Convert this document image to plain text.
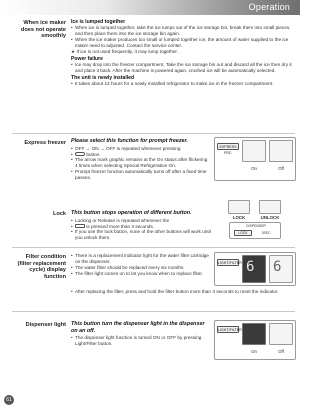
Operation
When ice maker does not operate smoothly
Ice is lumped together
• When ice is lumped together, take the ice lumps out of the ice storage bin, break them into small pieces, and then place them into the ice storage bin again.
• When the ice maker produces too small or lumped together ice, the amount of water supplied to the ice maker need to adjusted. Contact the service center.
★ If ice is not used frequently, it may lump together.
Power failure
• Ice may drop into the freezer compartment. Take the ice storage bin out and discard all the ice then dry it and place it back. After the machine is powered again, crushed ice will be automatically selected.
The unit is newly installed
• It takes about 12 hours for a newly installed refrigerator to make ice in the freezer compartment.
Express freezer Please select this function for prompt freezer.
• OFF → ON → OFF is repeated whenever pressing
• button.
• The arrow mark graphic remains at the On status after flickering 4 times when selecting Special Refrigeration On.
• Prompt freezer function automatically turns off after a fixed time passes.
EXPRESS FRZ.
On	Off
Lock This button stops operation of different button.
• Locking or Release is repeated whenever the
• is pressed more than 3 seconds.
• If you use the lock button, none of the other buttons will work until you unlock them.
LOCK	UNLOCK
DISPENSER
LOCK	3SEC
Filter condition (filter replacement cycle) display function
• There is a replacement indicator light for the water filter cartridge on the dispenser.
• The water filter should be replaced every six months.
• The filter light comes on to let you know when to replace filter.
• After replacing the filter, press and hold the filter button more than 3 seconds to reset the indicator.
LIGHT/FILTER 6 6
Dispenser light This button turn the dispenser light in the dispenser on an off.
• The dispenser light function is turned ON or OFF by pressing Light/Filter button.
LIGHT/FILTER
On	Off
61
